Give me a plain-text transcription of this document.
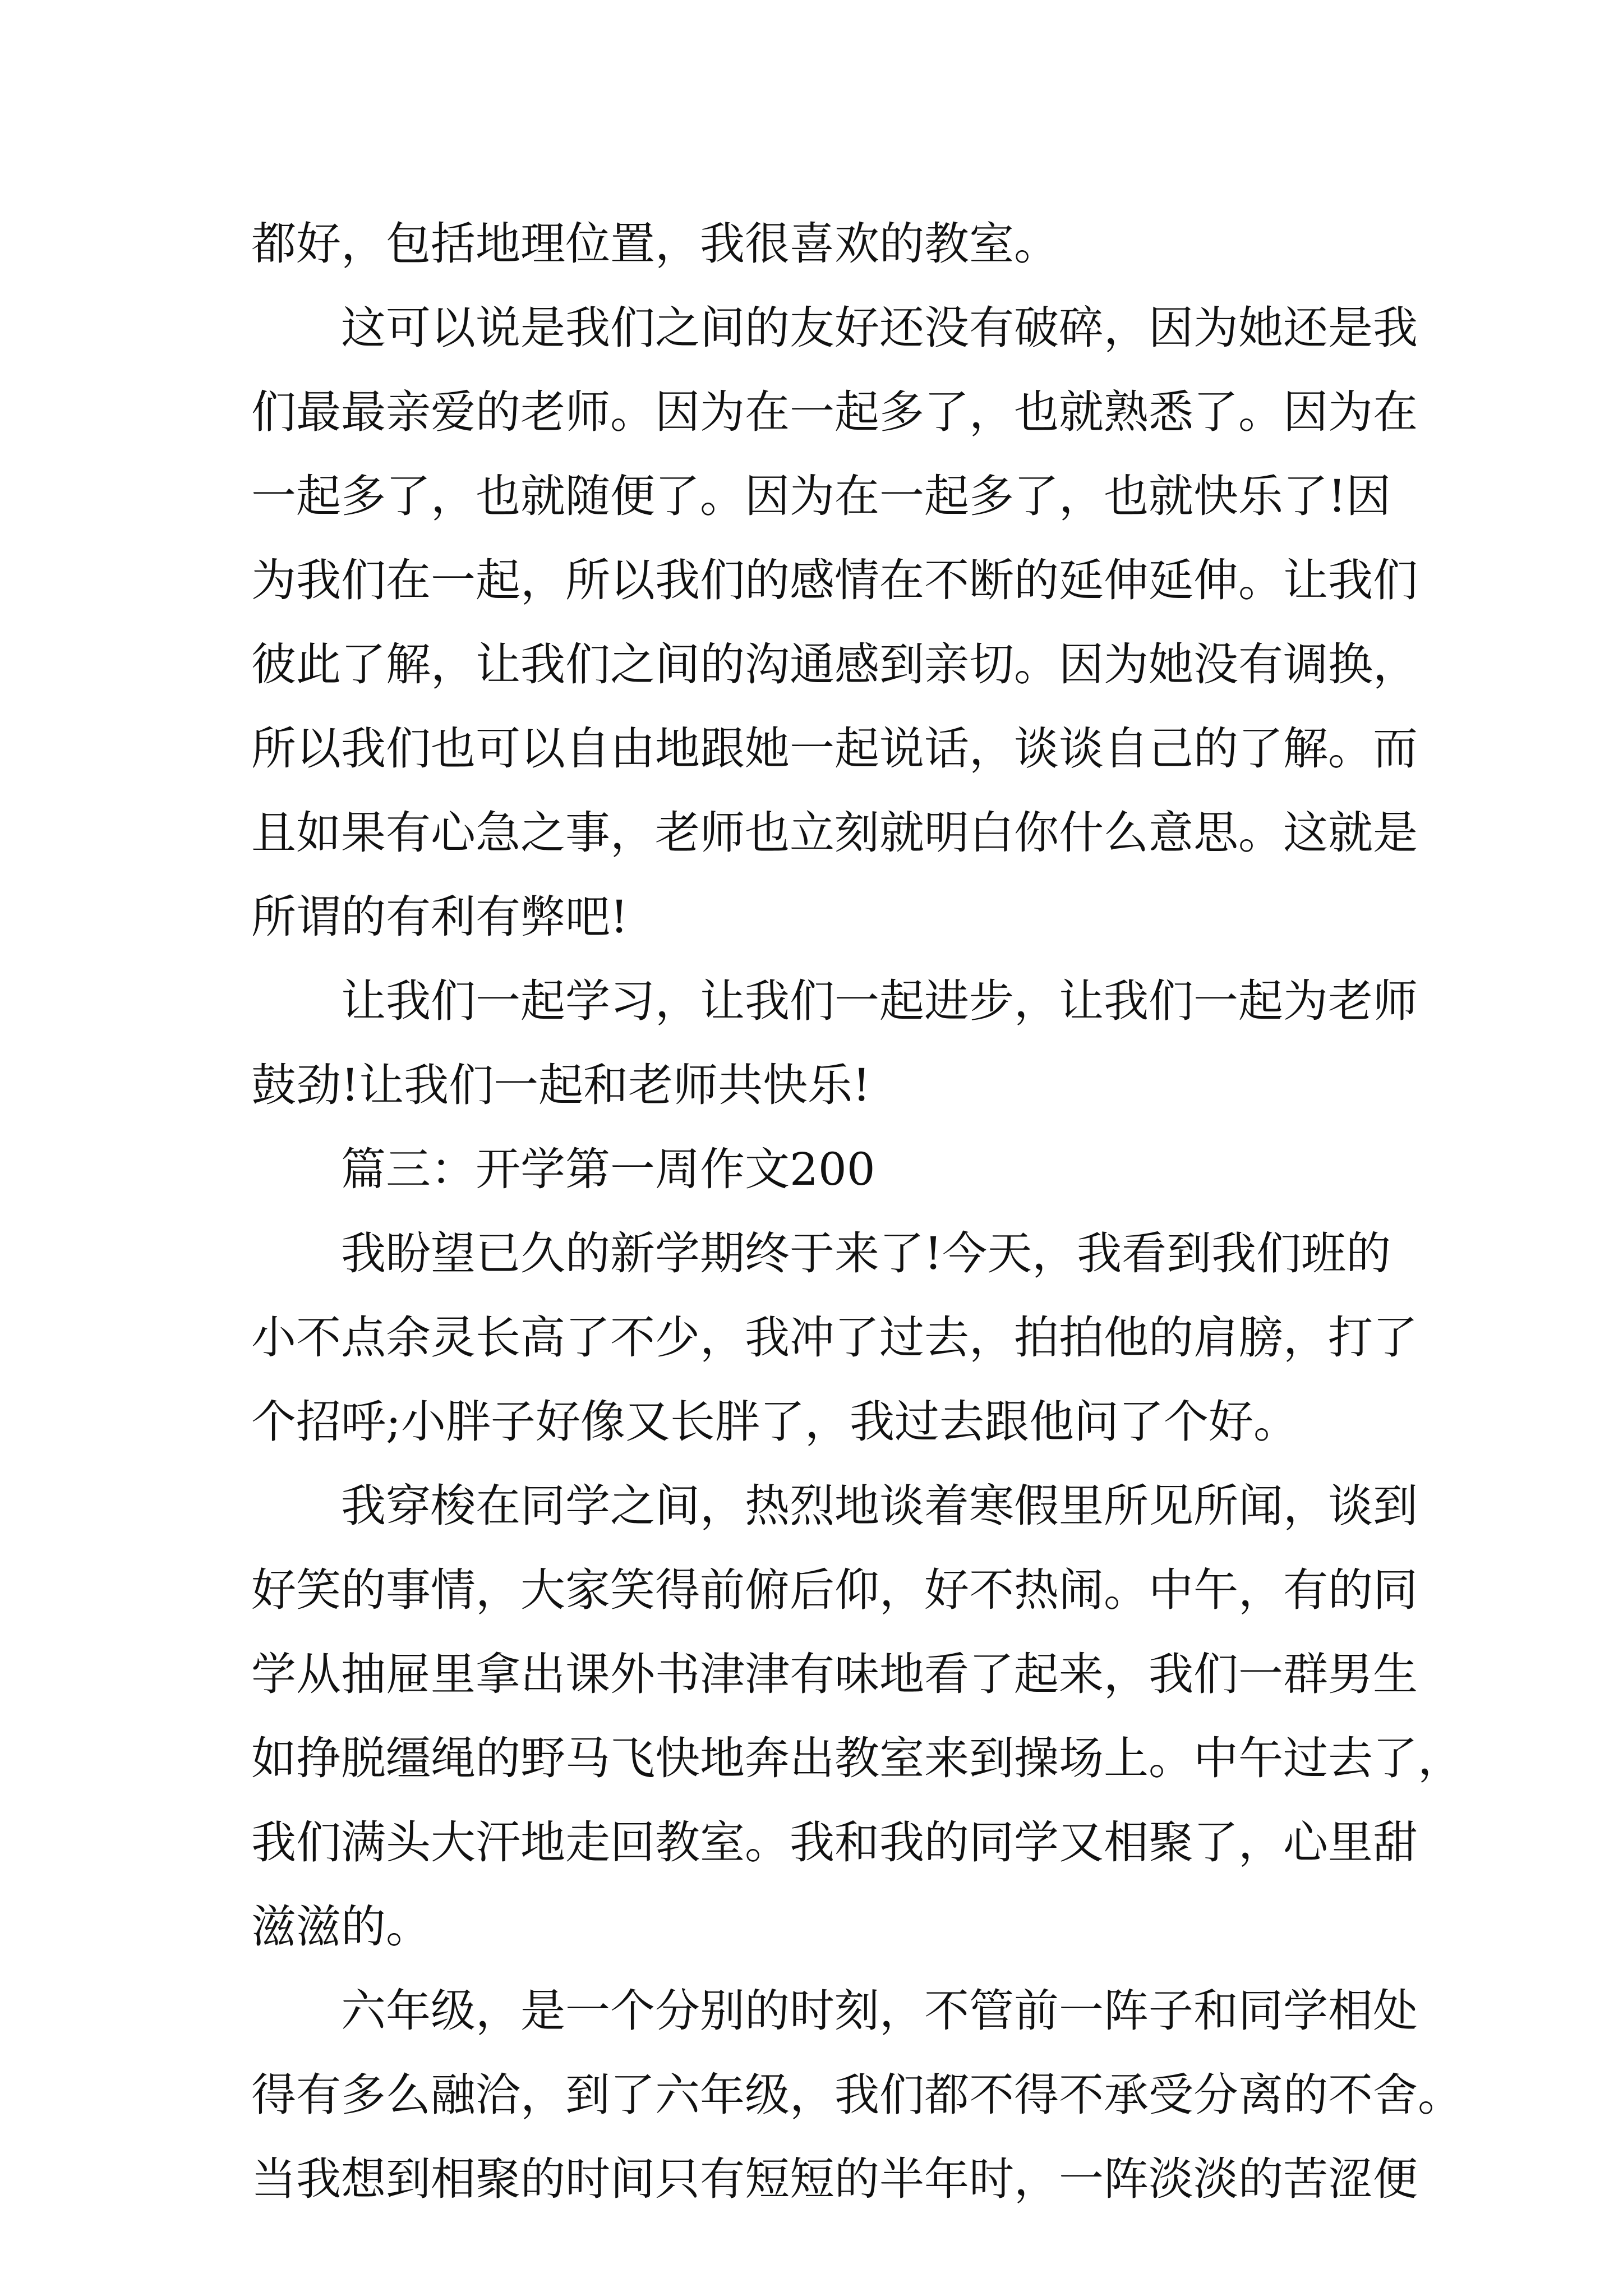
都好，包括地理位置，我很喜欢的教室。
这可以说是我们之间的友好还没有破碎，因为她还是我
们最最亲爱的老师。因为在一起多了，也就熟悉了。因为在
一起多了，也就随便了。因为在一起多了，也就快乐了!因
为我们在一起，所以我们的感情在不断的延伸延伸。让我们
彼此了解，让我们之间的沟通感到亲切。因为她没有调换，
所以我们也可以自由地跟她一起说话，谈谈自己的了解。而
且如果有心急之事，老师也立刻就明白你什么意思。这就是
所谓的有利有弊吧!
让我们一起学习，让我们一起进步，让我们一起为老师
鼓劲!让我们一起和老师共快乐!
篇三：开学第一周作文200
我盼望已久的新学期终于来了!今天，我看到我们班的
小不点余灵长高了不少，我冲了过去，拍拍他的肩膀，打了
个招呼;小胖子好像又长胖了，我过去跟他问了个好。
我穿梭在同学之间，热烈地谈着寒假里所见所闻，谈到
好笑的事情，大家笑得前俯后仰，好不热闹。中午，有的同
学从抽屉里拿出课外书津津有味地看了起来，我们一群男生
如挣脱缰绳的野马飞快地奔出教室来到操场上。中午过去了，
我们满头大汗地走回教室。我和我的同学又相聚了，心里甜
滋滋的。
六年级，是一个分别的时刻，不管前一阵子和同学相处
得有多么融洽，到了六年级，我们都不得不承受分离的不舍。
当我想到相聚的时间只有短短的半年时，一阵淡淡的苦涩便
